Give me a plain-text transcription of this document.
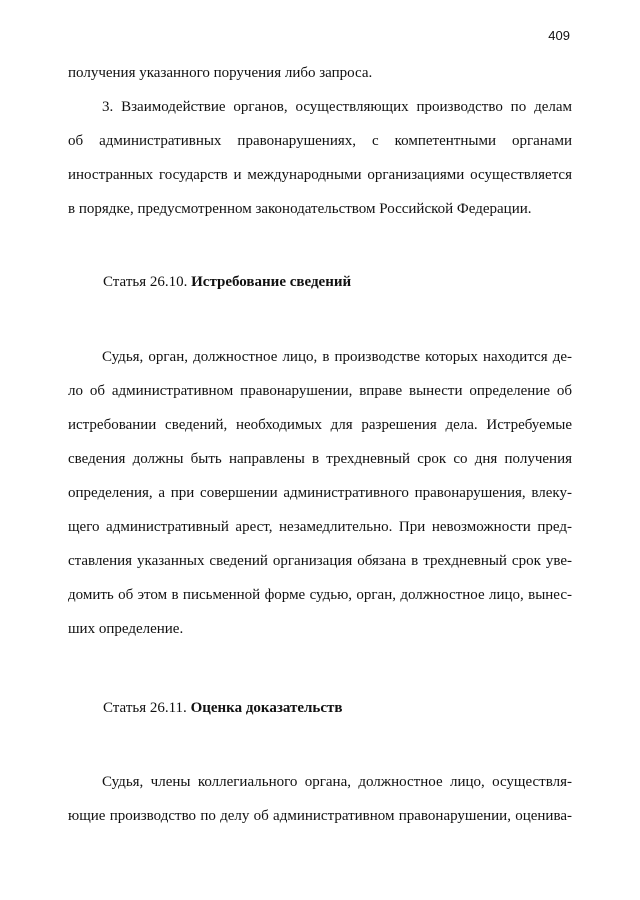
409
получения указанного поручения либо запроса.
3. Взаимодействие органов, осуществляющих производство по делам
об административных правонарушениях, с компетентными органами
иностранных государств и международными организациями осуществляется
в порядке, предусмотренном законодательством Российской Федерации.
Статья 26.10. Истребование сведений
Судья, орган, должностное лицо, в производстве которых находится де-
ло об административном правонарушении, вправе вынести определение об
истребовании сведений, необходимых для разрешения дела. Истребуемые
сведения должны быть направлены в трехдневный срок со дня получения
определения, а при совершении административного правонарушения, влеку-
щего административный арест, незамедлительно. При невозможности пред-
ставления указанных сведений организация обязана в трехдневный срок уве-
домить об этом в письменной форме судью, орган, должностное лицо, вынес-
ших определение.
Статья 26.11. Оценка доказательств
Судья, члены коллегиального органа, должностное лицо, осуществля-
ющие производство по делу об административном правонарушении, оценива-
